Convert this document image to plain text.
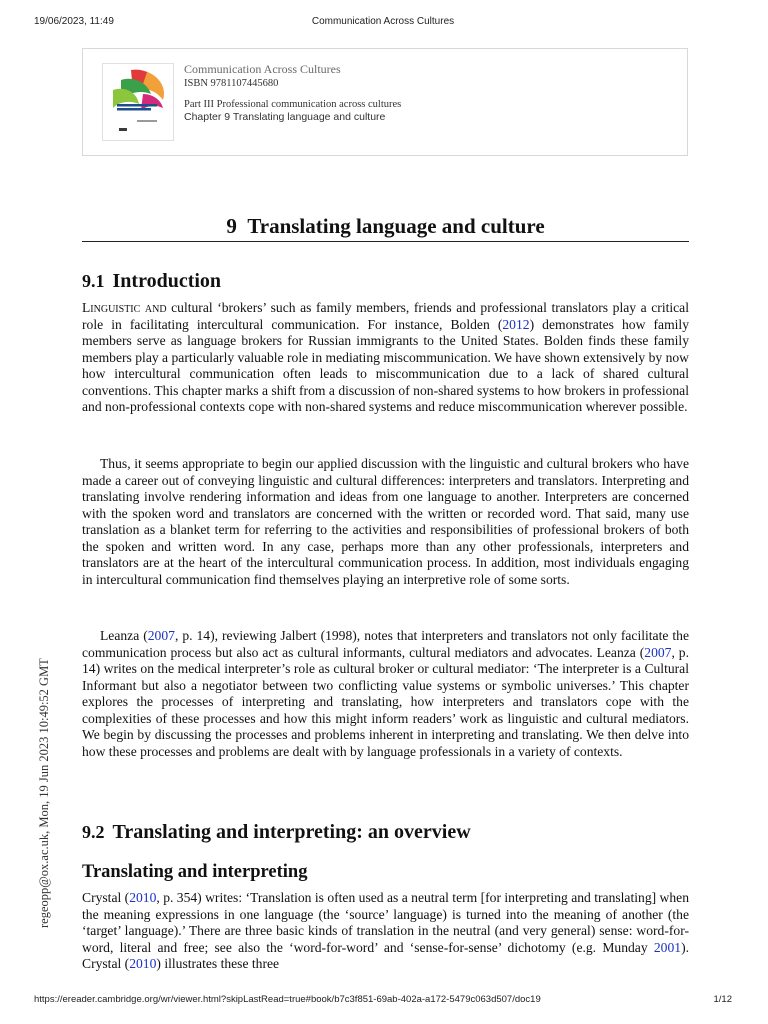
19/06/2023, 11:49	Communication Across Cultures
Communication Across Cultures
ISBN 9781107445680
Part III Professional communication across cultures
Chapter 9 Translating language and culture
9 Translating language and culture
9.1 Introduction

Linguistic and cultural ‘brokers’ such as family members, friends and professional translators play a critical role in facilitating intercultural communication. For instance, Bolden (2012) demonstrates how family members serve as language brokers for Russian immigrants to the United States. Bolden finds these family members play a particularly valuable role in mediating miscommunication. We have shown extensively by now how intercultural communication often leads to miscommunication due to a lack of shared cultural conventions. This chapter marks a shift from a discussion of non-shared systems to how brokers in professional and non-professional contexts cope with non-shared systems and reduce miscommunication wherever possible.

Thus, it seems appropriate to begin our applied discussion with the linguistic and cultural brokers who have made a career out of conveying linguistic and cultural differences: interpreters and translators. Interpreting and translating involve rendering information and ideas from one language to another. Interpreters are concerned with the spoken word and translators are concerned with the written or recorded word. That said, many use translation as a blanket term for referring to the activities and responsibilities of professional brokers of both the spoken and written word. In any case, perhaps more than any other professionals, interpreters and translators are at the heart of the intercultural communication process. In addition, most individuals engaging in intercultural communication find themselves playing an interpretive role of some sorts.

Leanza (2007, p. 14), reviewing Jalbert (1998), notes that interpreters and translators not only facilitate the communication process but also act as cultural informants, cultural mediators and advocates. Leanza (2007, p. 14) writes on the medical interpreter’s role as cultural broker or cultural mediator: ‘The interpreter is a Cultural Informant but also a negotiator between two conflicting value systems or symbolic universes.’ This chapter explores the processes of interpreting and translating, how interpreters and translators cope with the complexities of these processes and how this might inform readers’ work as linguistic and cultural mediators. We begin by discussing the processes and problems inherent in interpreting and translating. We then delve into how these processes and problems are dealt with by language professionals in a variety of contexts.

9.2 Translating and interpreting: an overview
Translating and interpreting

Crystal (2010, p. 354) writes: ‘Translation is often used as a neutral term [for interpreting and translating] when the meaning expressions in one language (the ‘source’ language) is turned into the meaning of another (the ‘target’ language).’ There are three basic kinds of translation in the neutral (and very general) sense: word-for-word, literal and free; see also the ‘word-for-word’ and ‘sense-for-sense’ dichotomy (e.g. Munday 2001). Crystal (2010) illustrates these three

regeopp@ox.ac.uk, Mon, 19 Jun 2023 10:49:52 GMT
https://ereader.cambridge.org/wr/viewer.html?skipLastRead=true#book/b7c3f851-69ab-402a-a172-5479c063d507/doc19	1/12
